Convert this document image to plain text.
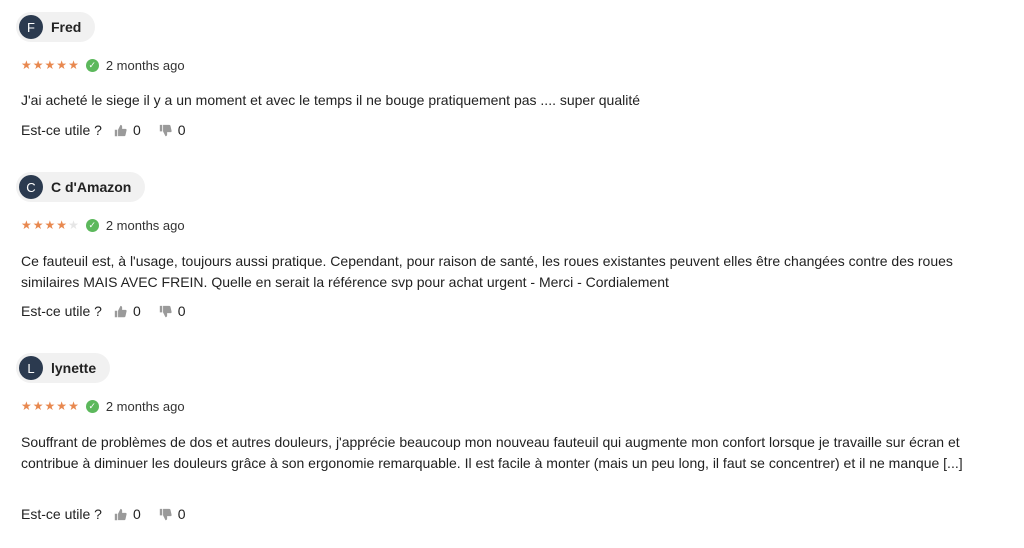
F	Fred
★ ★ ★ ★ ★	✓ 2 months ago
J'ai acheté le siege il y a un moment et avec le temps il ne bouge pratiquement pas .... super qualité
Est-ce utile ? 0	0
C	C d'Amazon
★ ★ ★ ★ ★	✓ 2 months ago
Ce fauteuil est, à l'usage, toujours aussi pratique. Cependant, pour raison de santé, les roues existantes peuvent elles être changées contre des roues similaires MAIS AVEC FREIN. Quelle en serait la référence svp pour achat urgent - Merci - Cordialement
Est-ce utile ? 0	0
L	lynette
★ ★ ★ ★ ★	✓ 2 months ago
Souffrant de problèmes de dos et autres douleurs, j'apprécie beaucoup mon nouveau fauteuil qui augmente mon confort lorsque je travaille sur écran et contribue à diminuer les douleurs grâce à son ergonomie remarquable. Il est facile à monter (mais un peu long, il faut se concentrer) et il ne manque [...]
Est-ce utile ? 0	0
